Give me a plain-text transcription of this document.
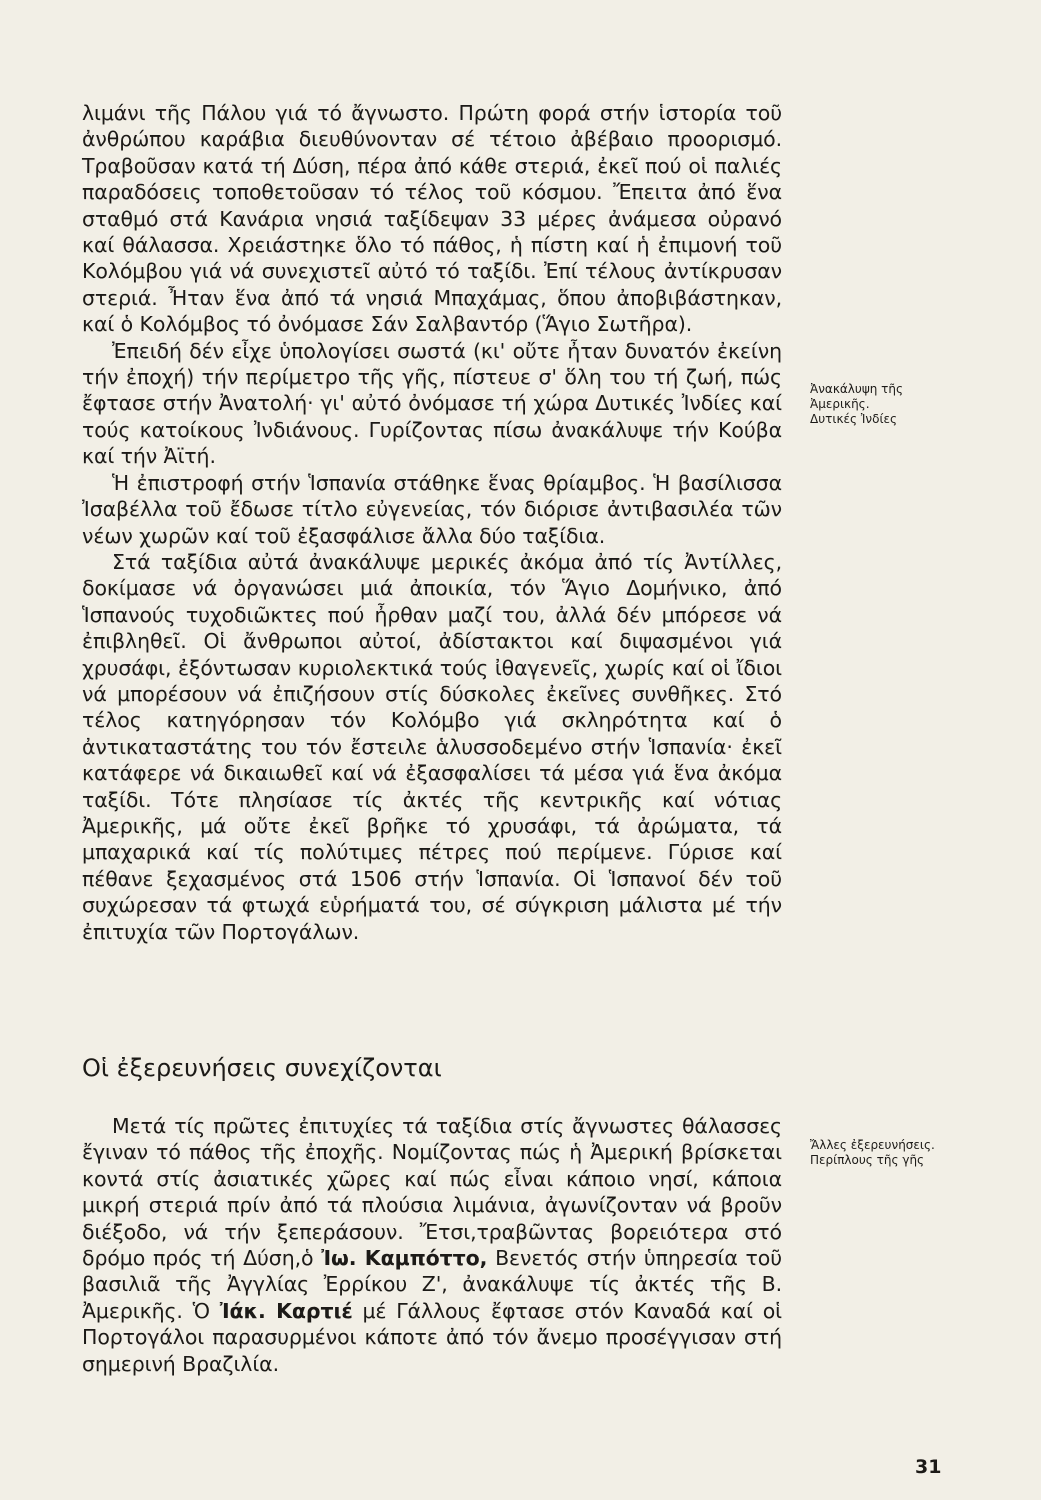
λιμάνι τῆς Πάλου γιά τό ἄγνωστο. Πρώτη φορά στήν ἱστορία τοῦ ἀνθρώπου καράβια διευθύνονταν σέ τέτοιο ἀβέβαιο προορισμό. Τραβοῦσαν κατά τή Δύση, πέρα ἀπό κάθε στεριά, ἐκεῖ πού οἱ παλιές παραδόσεις τοποθετοῦσαν τό τέλος τοῦ κόσμου. Ἔπειτα ἀπό ἕνα σταθμό στά Κανάρια νησιά ταξίδεψαν 33 μέρες ἀνάμεσα οὐρανό καί θάλασσα. Χρειάστηκε ὅλο τό πάθος, ἡ πίστη καί ἡ ἐπιμονή τοῦ Κολόμβου γιά νά συνεχιστεῖ αὐτό τό ταξίδι. Ἐπί τέλους ἀντίκρυσαν στεριά. Ἦταν ἕνα ἀπό τά νησιά Μπαχάμας, ὅπου ἀποβιβάστηκαν, καί ὁ Κολόμβος τό ὀνόμασε Σάν Σαλβαντόρ (Ἅγιο Σωτῆρα).

Ἐπειδή δέν εἶχε ὑπολογίσει σωστά (κι' οὔτε ἦταν δυνατόν ἐκείνη τήν ἐποχή) τήν περίμετρο τῆς γῆς, πίστευε σ' ὅλη του τή ζωή, πώς ἔφτασε στήν Ἀνατολή· γι' αὐτό ὀνόμασε τή χώρα Δυτικές Ἰνδίες καί τούς κατοίκους Ἰνδιάνους. Γυρίζοντας πίσω ἀνακάλυψε τήν Κούβα καί τήν Ἀϊτή.

Ἡ ἐπιστροφή στήν Ἱσπανία στάθηκε ἕνας θρίαμβος. Ἡ βασίλισσα Ἰσαβέλλα τοῦ ἔδωσε τίτλο εὐγενείας, τόν διόρισε ἀντιβασιλέα τῶν νέων χωρῶν καί τοῦ ἐξασφάλισε ἄλλα δύο ταξίδια.

Στά ταξίδια αὐτά ἀνακάλυψε μερικές ἀκόμα ἀπό τίς Ἀντίλλες, δοκίμασε νά ὀργανώσει μιά ἀποικία, τόν Ἅγιο Δομήνικο, ἀπό Ἱσπανούς τυχοδιῶκτες πού ἦρθαν μαζί του, ἀλλά δέν μπόρεσε νά ἐπιβληθεῖ. Οἱ ἄνθρωποι αὐτοί, ἀδίστακτοι καί διψασμένοι γιά χρυσάφι, ἐξόντωσαν κυριολεκτικά τούς ἰθαγενεῖς, χωρίς καί οἱ ἴδιοι νά μπορέσουν νά ἐπιζήσουν στίς δύσκολες ἐκεῖνες συνθῆκες. Στό τέλος κατηγόρησαν τόν Κολόμβο γιά σκληρότητα καί ὁ ἀντικαταστάτης του τόν ἔστειλε ἁλυσσοδεμένο στήν Ἱσπανία· ἐκεῖ κατάφερε νά δικαιωθεῖ καί νά ἐξασφαλίσει τά μέσα γιά ἕνα ἀκόμα ταξίδι. Τότε πλησίασε τίς ἀκτές τῆς κεντρικῆς καί νότιας Ἀμερικῆς, μά οὔτε ἐκεῖ βρῆκε τό χρυσάφι, τά ἀρώματα, τά μπαχαρικά καί τίς πολύτιμες πέτρες πού περίμενε. Γύρισε καί πέθανε ξεχασμένος στά 1506 στήν Ἱσπανία. Οἱ Ἱσπανοί δέν τοῦ συχώρεσαν τά φτωχά εὑρήματά του, σέ σύγκριση μάλιστα μέ τήν ἐπιτυχία τῶν Πορτογάλων.

Ἀνακάλυψη τῆς
Ἀμερικῆς.
Δυτικές Ἰνδίες
Οἱ ἐξερευνήσεις συνεχίζονται

Μετά τίς πρῶτες ἐπιτυχίες τά ταξίδια στίς ἄγνωστες θάλασσες ἔγιναν τό πάθος τῆς ἐποχῆς. Νομίζοντας πώς ἡ Ἀμερική βρίσκεται κοντά στίς ἀσιατικές χῶρες καί πώς εἶναι κάποιο νησί, κάποια μικρή στεριά πρίν ἀπό τά πλούσια λιμάνια, ἀγωνίζονταν νά βροῦν διέξοδο, νά τήν ξεπεράσουν. Ἔτσι,τραβῶντας βορειότερα στό δρόμο πρός τή Δύση,ὁ Ἰω. Καμπόττο, Βενετός στήν ὑπηρεσία τοῦ βασιλιᾶ τῆς Ἀγγλίας Ἐρρίκου Ζ', ἀνακάλυψε τίς ἀκτές τῆς Β. Ἀμερικῆς. Ὁ Ἰάκ. Καρτιέ μέ Γάλλους ἔφτασε στόν Καναδά καί οἱ Πορτογάλοι παρασυρμένοι κάποτε ἀπό τόν ἄνεμο προσέγγισαν στή σημερινή Βραζιλία.

Ἄλλες ἐξερευνήσεις.
Περίπλους τῆς γῆς
31
